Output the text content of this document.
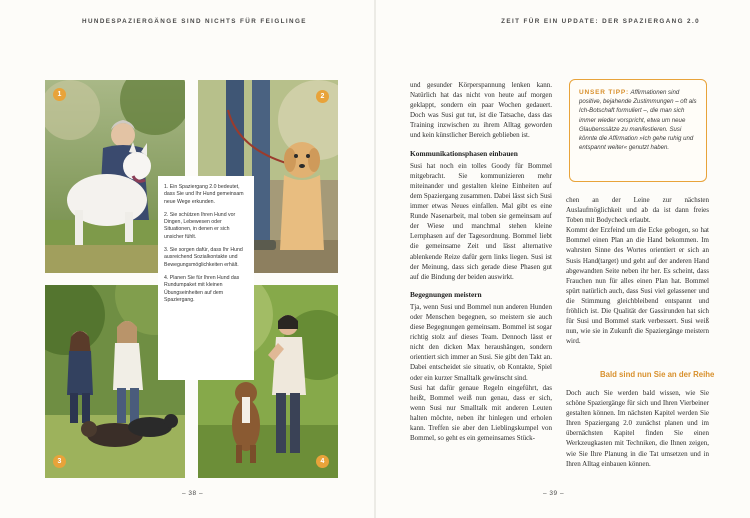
HUNDESPAZIERGÄNGE SIND NICHTS FÜR FEIGLINGE	ZEIT FÜR EIN UPDATE: DER SPAZIERGANG 2.0
1	2
3	4
1. Ein Spaziergang 2.0 bedeutet, dass Sie und Ihr Hund gemeinsam neue Wege erkunden.
2. Sie schützen Ihren Hund vor Dingen, Lebewesen oder Situationen, in denen er sich unsicher fühlt.
3. Sie sorgen dafür, dass Ihr Hund ausreichend Sozialkontakte und Bewegungsmöglichkeiten erhält.
4. Planen Sie für Ihren Hund das Rundumpaket mit kleinen Übungseinheiten auf dem Spaziergang.
– 38 –	– 39 –

und gesunder Körperspannung lenken kann. Natürlich hat das nicht von heute auf morgen geklappt, sondern ein paar Wochen gedauert. Doch was Susi gut tut, ist die Tatsache, dass das Training inzwischen zu ihrem Alltag geworden und kein künstlicher Bereich geblieben ist.

Kommunikationsphasen einbauen

Susi hat noch ein tolles Goody für Bommel mitgebracht. Sie kommunizieren mehr miteinander und gestalten kleine Einheiten auf dem Spaziergang zusammen. Dabei lässt sich Susi immer etwas Neues einfallen. Mal gibt es eine Runde Nasenarbeit, mal toben sie gemeinsam auf der Wiese und manchmal stehen kleine Lernphasen auf der Tagesordnung. Bommel liebt die gemeinsame Zeit und lässt alternative ablenkende Reize dafür gern links liegen. Susi ist der Meinung, dass sich gerade diese Phasen gut auf die Bindung der beiden auswirkt.

Begegnungen meistern

Tja, wenn Susi und Bommel nun anderen Hunden oder Menschen begegnen, so meistern sie auch diese Begegnungen gemeinsam. Bommel ist sogar richtig stolz auf dieses Team. Dennoch lässt er nicht den dicken Max heraushängen, sondern orientiert sich immer an Susi. Sie gibt den Takt an. Dabei entscheidet sie situativ, ob Kontakte, Spiel oder ein kurzer Smalltalk gewünscht sind.

Susi hat dafür genaue Regeln eingeführt, das heißt, Bommel weiß nun genau, dass er sich, wenn Susi nur Smalltalk mit anderen Leuten halten möchte, neben ihr hinlegen und erholen kann. Treffen sie aber den Lieblingskumpel von Bommel, so geht es ein gemeinsames Stück-

UNSER TIPP: Affirmationen sind positive, bejahende Zustimmungen – oft als Ich-Botschaft formuliert –, die man sich immer wieder vorspricht, etwa um neue Glaubenssätze zu manifestieren. Susi könnte die Affirmation »Ich gehe ruhig und entspannt weiter« genutzt haben.

chen an der Leine zur nächsten Auslaufmöglichkeit und ab da ist dann freies Toben mit Bodycheck erlaubt.

Kommt der Erzfeind um die Ecke gebogen, so hat Bommel einen Plan an die Hand bekommen. Im wahrsten Sinne des Wortes orientiert er sich an Susis Hand(target) und geht auf der anderen Hand abgewandten Seite neben ihr her. Es scheint, dass Frauchen nun für alles einen Plan hat. Bommel spürt natürlich auch, dass Susi viel gelassener und die Stimmung gleichbleibend entspannt und fröhlich ist. Die Qualität der Gassirunden hat sich für Susi und Bommel stark verbessert. Susi weiß nun, wie sie in Zukunft die Spaziergänge meistern wird.

Bald sind nun Sie an der Reihe

Doch auch Sie werden bald wissen, wie Sie schöne Spaziergänge für sich und Ihren Vierbeiner gestalten können. Im nächsten Kapitel werden Sie Ihren Spaziergang 2.0 zunächst planen und im übernächsten Kapitel finden Sie einen Werkzeugkasten mit Techniken, die Ihnen zeigen, wie Sie Ihre Planung in die Tat umsetzen und in Ihren Alltag einbauen können.
